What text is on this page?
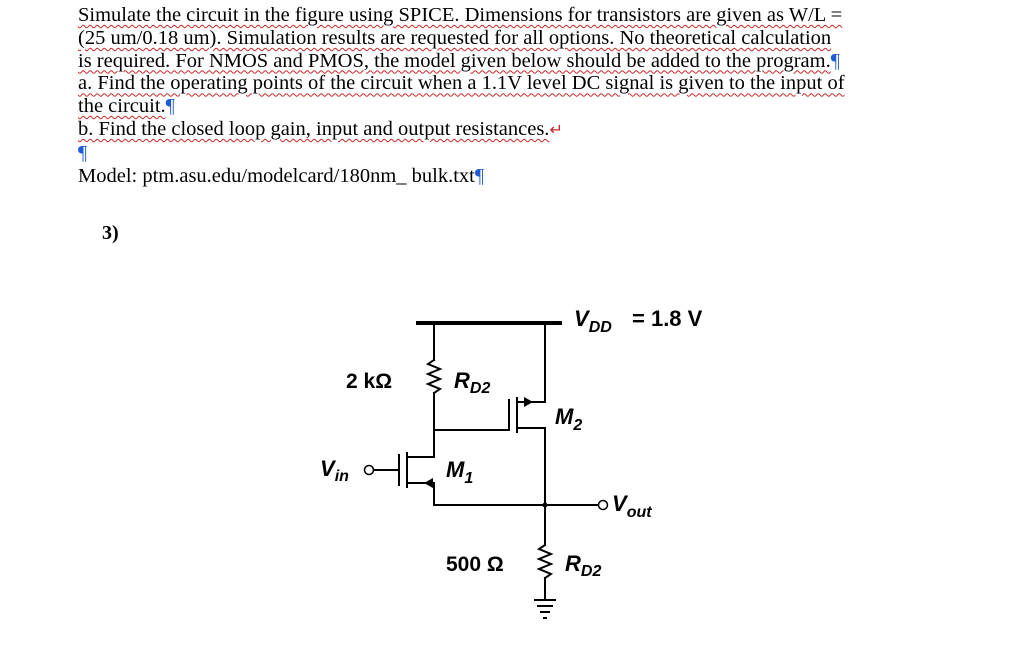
Simulate the circuit in the figure using SPICE. Dimensions for transistors are given as W/L =
(25 um/0.18 um). Simulation results are requested for all options. No theoretical calculation
is required. For NMOS and PMOS, the model given below should be added to the program.¶
a. Find the operating points of the circuit when a 1.1V level DC signal is given to the input of
the circuit.¶
b. Find the closed loop gain, input and output resistances.↵
¶
Model: ptm.asu.edu/modelcard/180nm_ bulk.txt¶
3)
$V_{DD} = 1.8$ V
2 kΩ	$R_{D2}$
$M_2$
$V_{in}$	$M_1$
$V_{out}$
500 Ω	$R_{D2}$
